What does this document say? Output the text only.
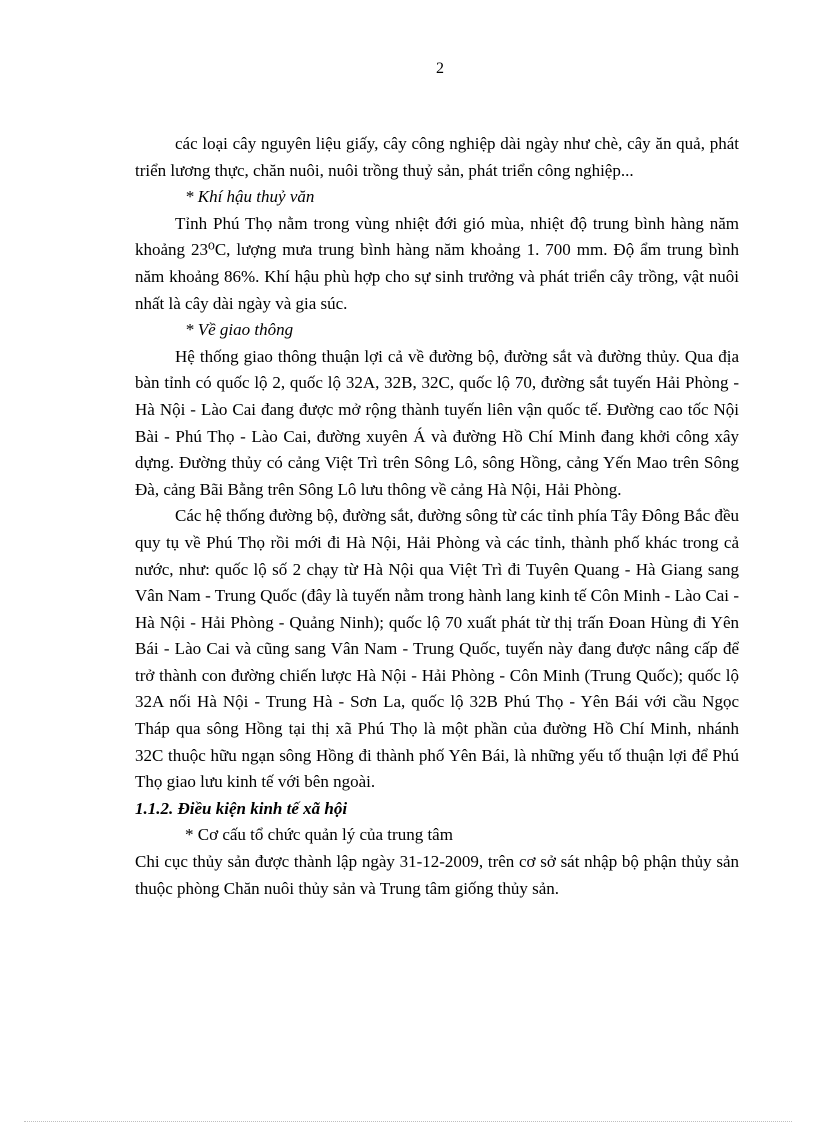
2

các loại cây nguyên liệu giấy, cây công nghiệp dài ngày như chè, cây ăn quả, phát triển lương thực, chăn nuôi, nuôi trồng thuỷ sản, phát triển công nghiệp...

* Khí hậu thuỷ văn

Tỉnh Phú Thọ nằm trong vùng nhiệt đới gió mùa, nhiệt độ trung bình hàng năm khoảng 23⁰C, lượng mưa trung bình hàng năm khoảng 1. 700 mm. Độ ẩm trung bình năm khoảng 86%. Khí hậu phù hợp cho sự sinh trưởng và phát triển cây trồng, vật nuôi nhất là cây dài ngày và gia súc.

* Về giao thông

Hệ thống giao thông thuận lợi cả về đường bộ, đường sắt và đường thủy. Qua địa bàn tỉnh có quốc lộ 2, quốc lộ 32A, 32B, 32C, quốc lộ 70, đường sắt tuyến Hải Phòng - Hà Nội - Lào Cai đang được mở rộng thành tuyến liên vận quốc tế. Đường cao tốc Nội Bài - Phú Thọ - Lào Cai, đường xuyên Á và đường Hồ Chí Minh đang khởi công xây dựng. Đường thủy có cảng Việt Trì trên Sông Lô, sông Hồng, cảng Yến Mao trên Sông Đà, cảng Bãi Bằng trên Sông Lô lưu thông về cảng Hà Nội, Hải Phòng.

Các hệ thống đường bộ, đường sắt, đường sông từ các tỉnh phía Tây Đông Bắc đều quy tụ về Phú Thọ rồi mới đi Hà Nội, Hải Phòng và các tỉnh, thành phố khác trong cả nước, như: quốc lộ số 2 chạy từ Hà Nội qua Việt Trì đi Tuyên Quang - Hà Giang sang Vân Nam - Trung Quốc (đây là tuyến nằm trong hành lang kinh tế Côn Minh - Lào Cai - Hà Nội - Hải Phòng - Quảng Ninh); quốc lộ 70 xuất phát từ thị trấn Đoan Hùng đi Yên Bái - Lào Cai và cũng sang Vân Nam - Trung Quốc, tuyến này đang được nâng cấp để trở thành con đường chiến lược Hà Nội - Hải Phòng - Côn Minh (Trung Quốc); quốc lộ 32A nối Hà Nội - Trung Hà - Sơn La, quốc lộ 32B Phú Thọ - Yên Bái với cầu Ngọc Tháp qua sông Hồng tại thị xã Phú Thọ là một phần của đường Hồ Chí Minh, nhánh 32C thuộc hữu ngạn sông Hồng đi thành phố Yên Bái, là những yếu tố thuận lợi để Phú Thọ giao lưu kinh tế với bên ngoài.

1.1.2. Điều kiện kinh tế xã hội

* Cơ cấu tổ chức quản lý của trung tâm

Chi cục thủy sản được thành lập ngày 31-12-2009, trên cơ sở sát nhập bộ phận thủy sản thuộc phòng Chăn nuôi thủy sản và Trung tâm giống thủy sản.
